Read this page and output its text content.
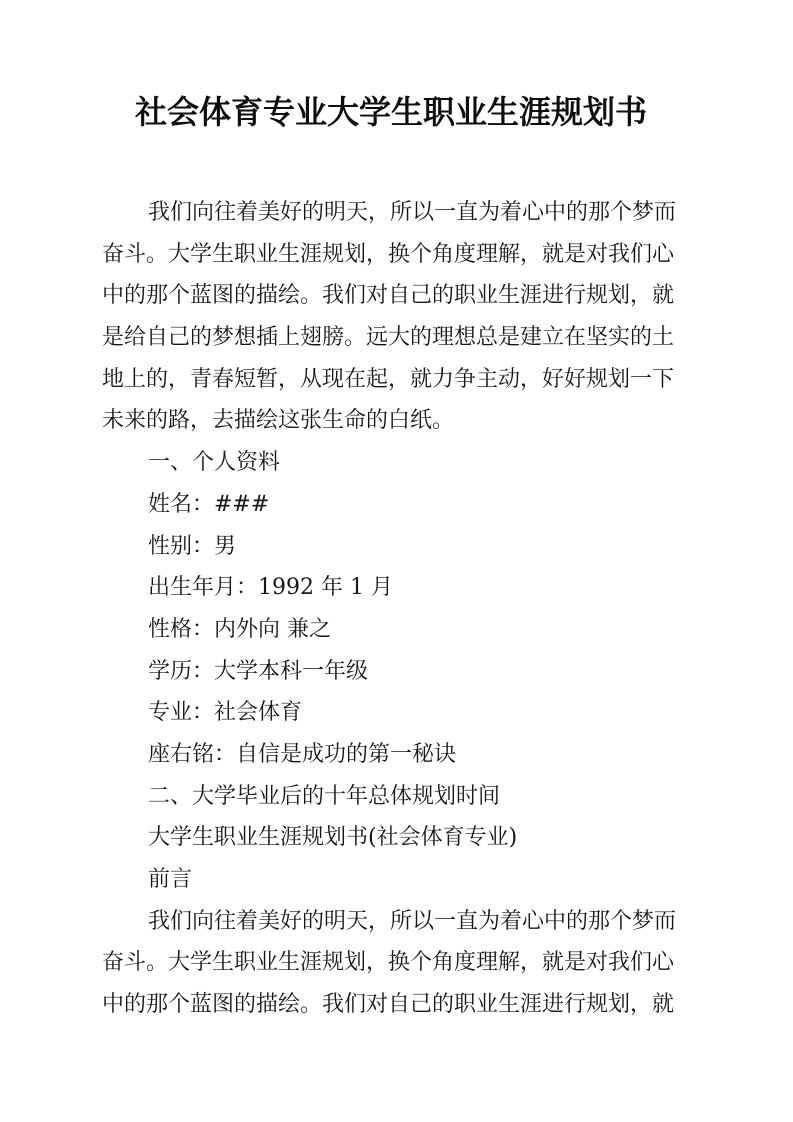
社会体育专业大学生职业生涯规划书
我们向往着美好的明天，所以一直为着心中的那个梦而
奋斗。大学生职业生涯规划，换个角度理解，就是对我们心
中的那个蓝图的描绘。我们对自己的职业生涯进行规划，就
是给自己的梦想插上翅膀。远大的理想总是建立在坚实的土
地上的，青春短暂，从现在起，就力争主动，好好规划一下
未来的路，去描绘这张生命的白纸。
一、个人资料
姓名：###
性别：男
出生年月：1992 年 1 月
性格：内外向 兼之
学历：大学本科一年级
专业：社会体育
座右铭：自信是成功的第一秘诀
二、大学毕业后的十年总体规划时间
大学生职业生涯规划书(社会体育专业)
前言
我们向往着美好的明天，所以一直为着心中的那个梦而
奋斗。大学生职业生涯规划，换个角度理解，就是对我们心
中的那个蓝图的描绘。我们对自己的职业生涯进行规划，就
